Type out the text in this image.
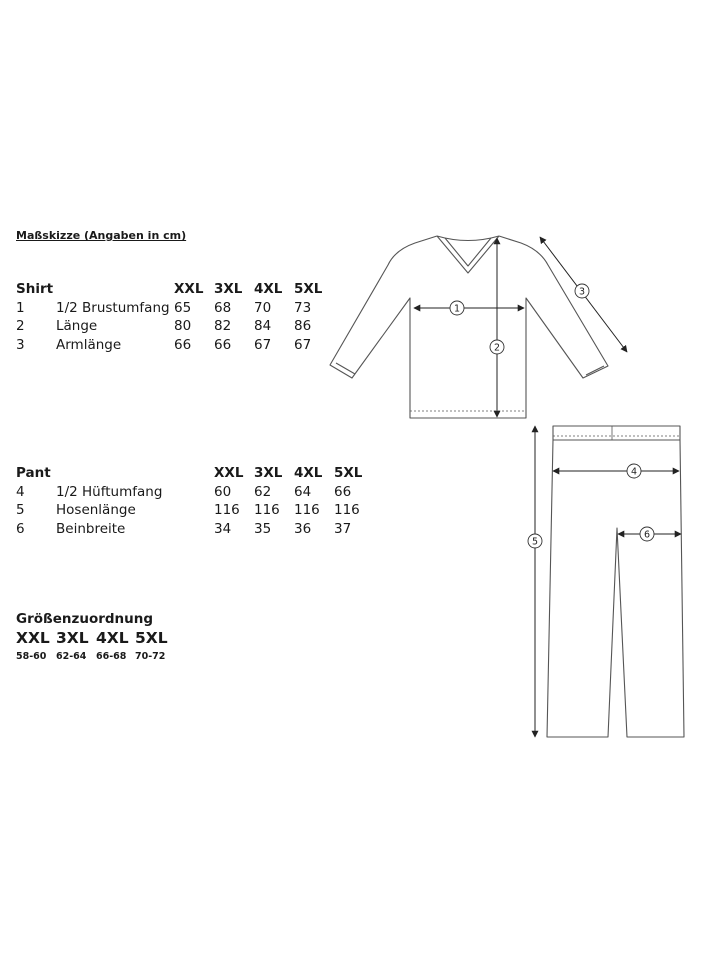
Maßskizze (Angaben in cm)
Shirt	XXL 3XL 4XL 5XL
1 1/2 Brustumfang 65 68 70 73
2 Länge	80 82 84 86
3 Armlänge	66 66 67 67
Pant	XXL 3XL 4XL 5XL
4 1/2 Hüftumfang	60 62 64 66
5 Hosenlänge	116 116 116 116
6 Beinbreite	34 35 36 37
Größenzuordnung
XXL 3XL 4XL 5XL
58-60 62-64 66-68 70-72
1
2
3
4
5
6
